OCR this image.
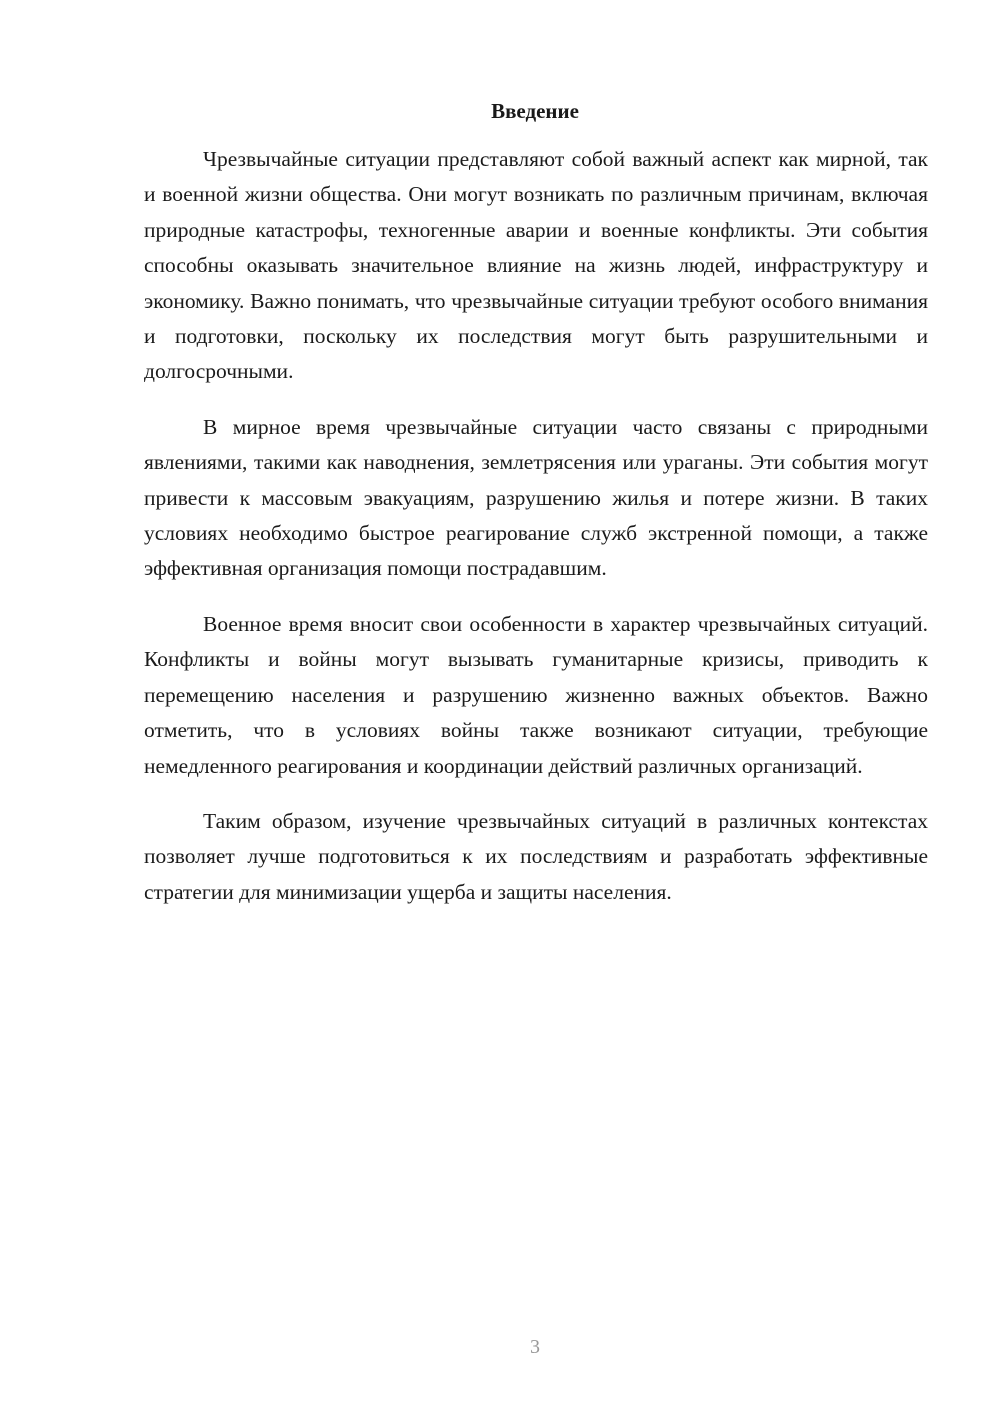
Введение

Чрезвычайные ситуации представляют собой важный аспект как мирной, так и военной жизни общества. Они могут возникать по различным причинам, включая природные катастрофы, техногенные аварии и военные конфликты. Эти события способны оказывать значительное влияние на жизнь людей, инфраструктуру и экономику. Важно понимать, что чрезвычайные ситуации требуют особого внимания и подготовки, поскольку их последствия могут быть разрушительными и долгосрочными.

В мирное время чрезвычайные ситуации часто связаны с природными явлениями, такими как наводнения, землетрясения или ураганы. Эти события могут привести к массовым эвакуациям, разрушению жилья и потере жизни. В таких условиях необходимо быстрое реагирование служб экстренной помощи, а также эффективная организация помощи пострадавшим.

Военное время вносит свои особенности в характер чрезвычайных ситуаций. Конфликты и войны могут вызывать гуманитарные кризисы, приводить к перемещению населения и разрушению жизненно важных объектов. Важно отметить, что в условиях войны также возникают ситуации, требующие немедленного реагирования и координации действий различных организаций.

Таким образом, изучение чрезвычайных ситуаций в различных контекстах позволяет лучше подготовиться к их последствиям и разработать эффективные стратегии для минимизации ущерба и защиты населения.

3
